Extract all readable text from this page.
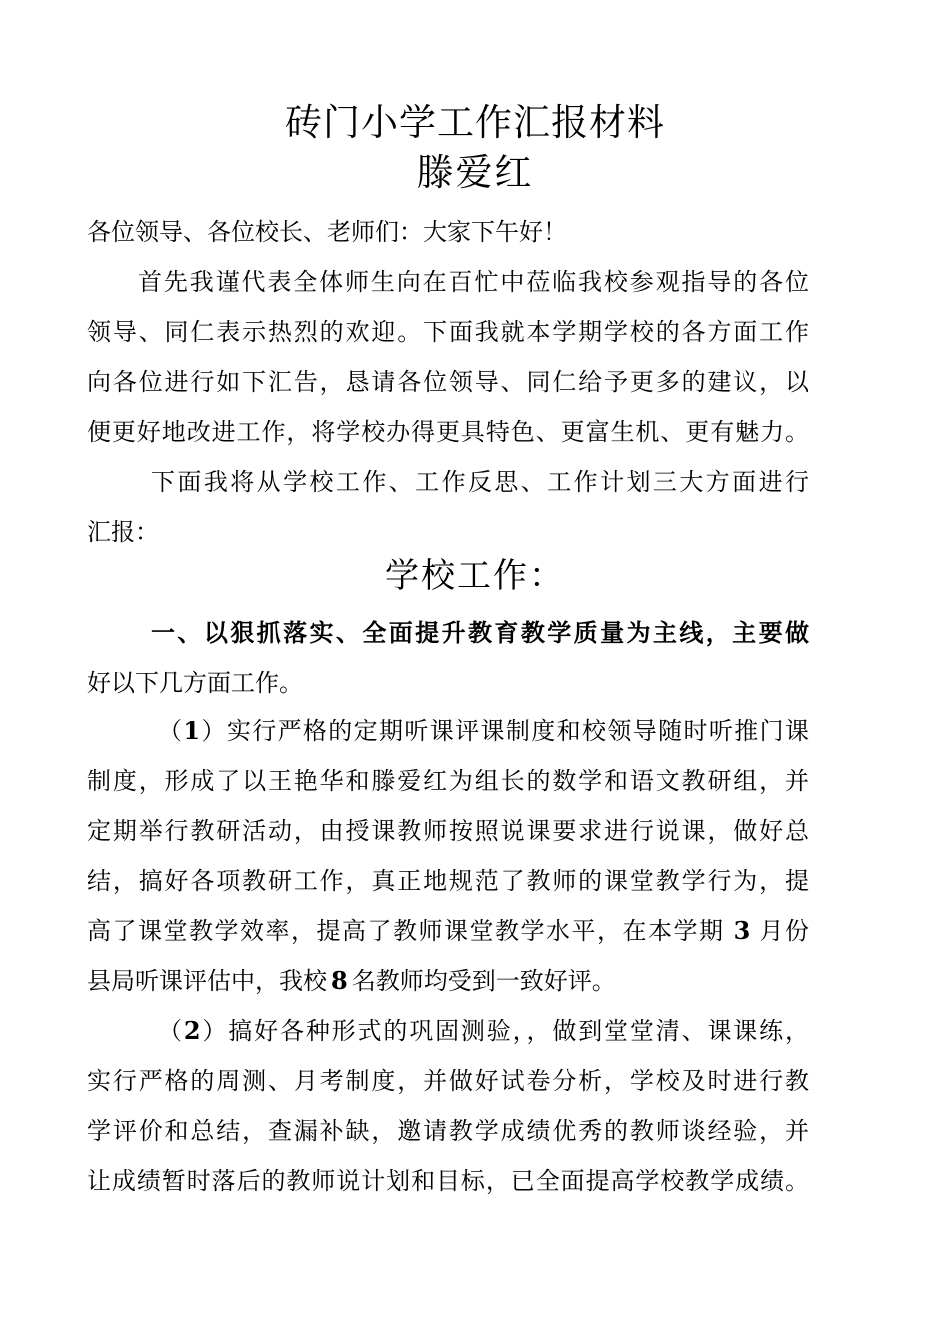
砖门小学工作汇报材料
滕爱红

各位领导、各位校长、老师们：大家下午好！

首先我谨代表全体师生向在百忙中莅临我校参观指导的各位

领导、同仁表示热烈的欢迎。下面我就本学期学校的各方面工作

向各位进行如下汇告，恳请各位领导、同仁给予更多的建议，以

便更好地改进工作，将学校办得更具特色、更富生机、更有魅力。

下面我将从学校工作、工作反思、工作计划三大方面进行

汇报：

学校工作：

一、以狠抓落实、全面提升教育教学质量为主线，主要做

好以下几方面工作。

（1）实行严格的定期听课评课制度和校领导随时听推门课

制度，形成了以王艳华和滕爱红为组长的数学和语文教研组，并

定期举行教研活动，由授课教师按照说课要求进行说课，做好总

结，搞好各项教研工作，真正地规范了教师的课堂教学行为，提

高了课堂教学效率，提高了教师课堂教学水平，在本学期 3 月份

县局听课评估中，我校 8 名教师均受到一致好评。

（2）搞好各种形式的巩固测验，，做到堂堂清、课课练，

实行严格的周测、月考制度，并做好试卷分析，学校及时进行教

学评价和总结，查漏补缺，邀请教学成绩优秀的教师谈经验，并

让成绩暂时落后的教师说计划和目标，已全面提高学校教学成绩。
